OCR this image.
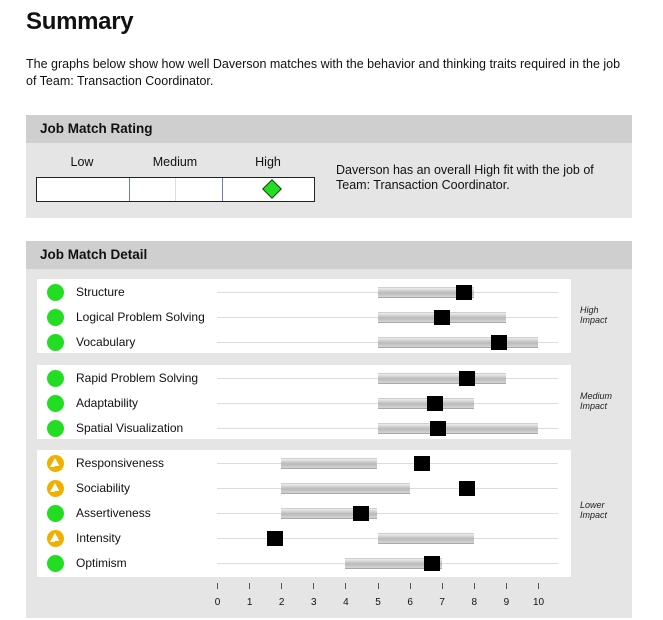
Summary
The graphs below show how well Daverson matches with the behavior and thinking traits required in the job of Team: Transaction Coordinator.
Job Match Rating
Low	Medium	High
Daverson has an overall High fit with the job of Team: Transaction Coordinator.
Job Match Detail
Structure
Logical Problem Solving
Vocabulary
Rapid Problem Solving
Adaptability
Spatial Visualization
Responsiveness
Sociability
Assertiveness
Intensity
Optimism
0	1	2	3	4	5	6	7	8	9 10
High
Impact
Medium
Impact
Lower
Impact
